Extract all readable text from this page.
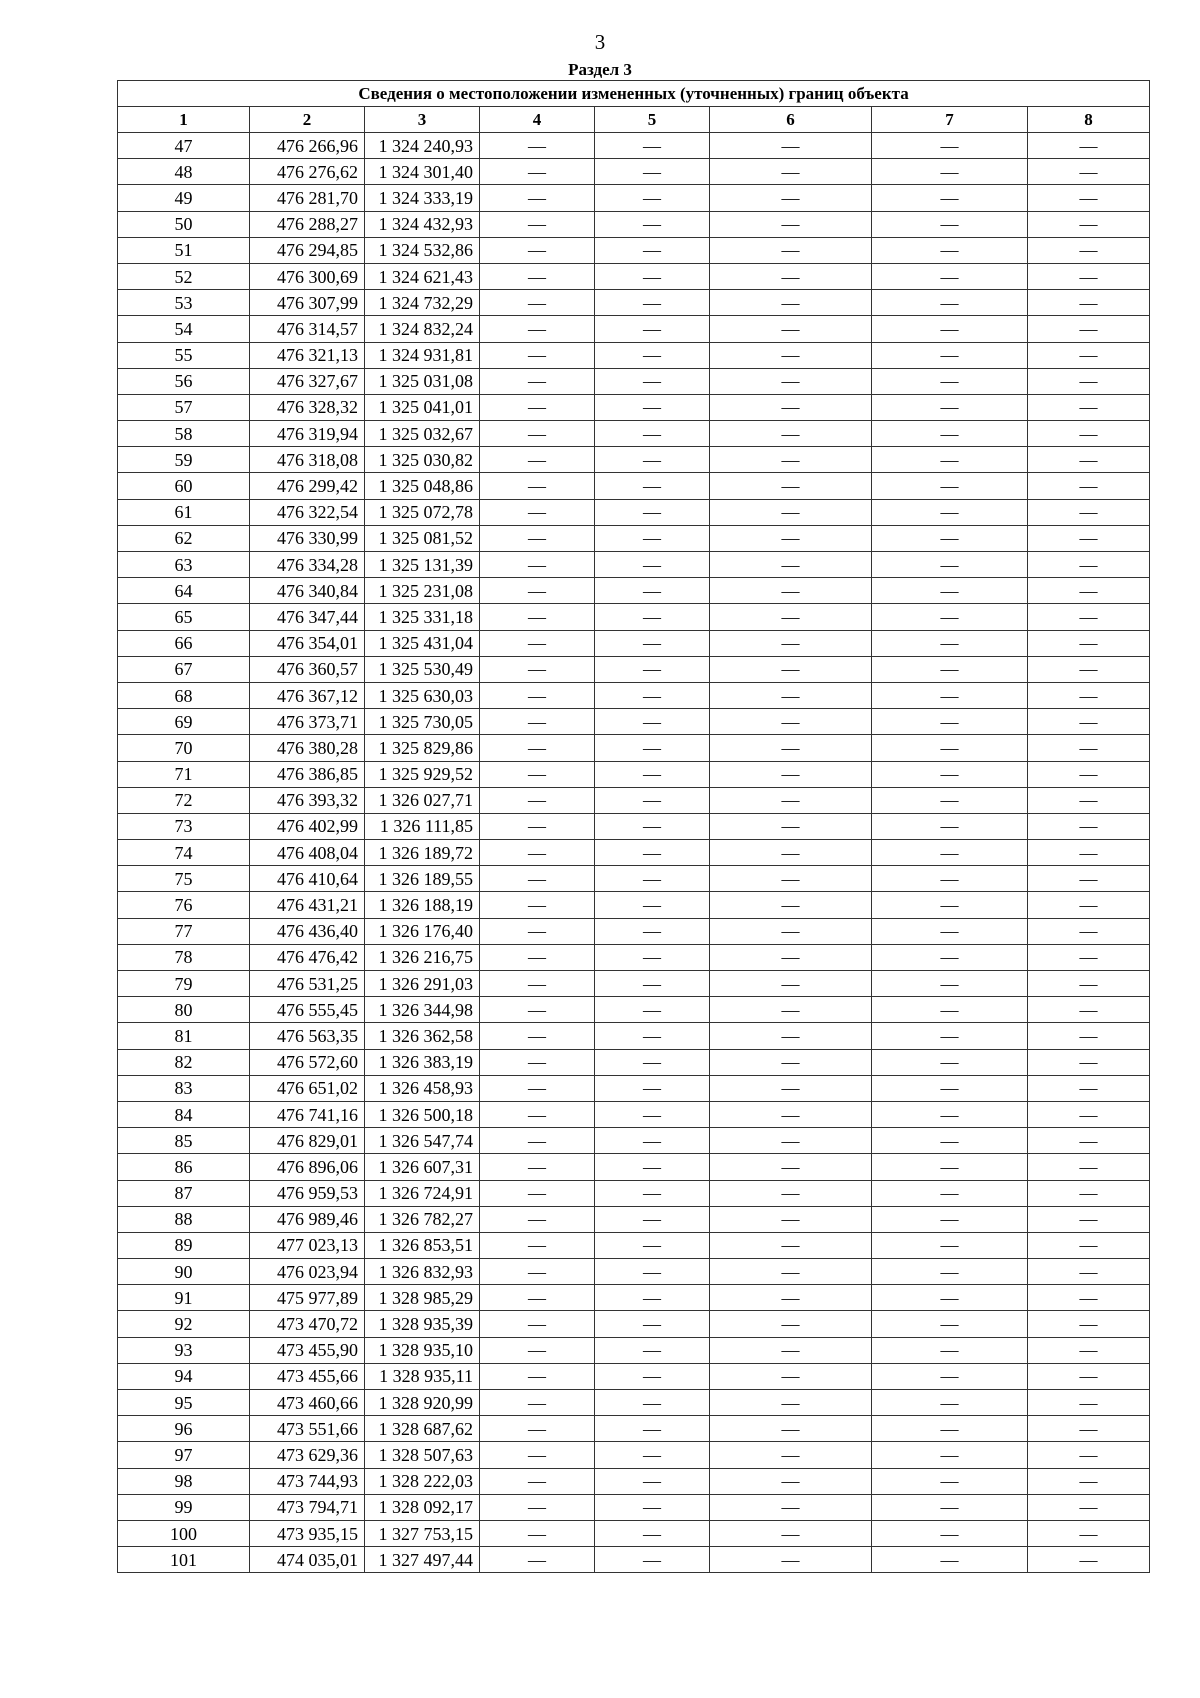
3
Раздел 3
Сведения о местоположении измененных (уточненных) границ объекта							
1	2	3	4	5	6	7	8
47	476 266,96	1 324 240,93	—	—	—	—	—
48	476 276,62	1 324 301,40	—	—	—	—	—
49	476 281,70	1 324 333,19	—	—	—	—	—
50	476 288,27	1 324 432,93	—	—	—	—	—
51	476 294,85	1 324 532,86	—	—	—	—	—
52	476 300,69	1 324 621,43	—	—	—	—	—
53	476 307,99	1 324 732,29	—	—	—	—	—
54	476 314,57	1 324 832,24	—	—	—	—	—
55	476 321,13	1 324 931,81	—	—	—	—	—
56	476 327,67	1 325 031,08	—	—	—	—	—
57	476 328,32	1 325 041,01	—	—	—	—	—
58	476 319,94	1 325 032,67	—	—	—	—	—
59	476 318,08	1 325 030,82	—	—	—	—	—
60	476 299,42	1 325 048,86	—	—	—	—	—
61	476 322,54	1 325 072,78	—	—	—	—	—
62	476 330,99	1 325 081,52	—	—	—	—	—
63	476 334,28	1 325 131,39	—	—	—	—	—
64	476 340,84	1 325 231,08	—	—	—	—	—
65	476 347,44	1 325 331,18	—	—	—	—	—
66	476 354,01	1 325 431,04	—	—	—	—	—
67	476 360,57	1 325 530,49	—	—	—	—	—
68	476 367,12	1 325 630,03	—	—	—	—	—
69	476 373,71	1 325 730,05	—	—	—	—	—
70	476 380,28	1 325 829,86	—	—	—	—	—
71	476 386,85	1 325 929,52	—	—	—	—	—
72	476 393,32	1 326 027,71	—	—	—	—	—
73	476 402,99	1 326 111,85	—	—	—	—	—
74	476 408,04	1 326 189,72	—	—	—	—	—
75	476 410,64	1 326 189,55	—	—	—	—	—
76	476 431,21	1 326 188,19	—	—	—	—	—
77	476 436,40	1 326 176,40	—	—	—	—	—
78	476 476,42	1 326 216,75	—	—	—	—	—
79	476 531,25	1 326 291,03	—	—	—	—	—
80	476 555,45	1 326 344,98	—	—	—	—	—
81	476 563,35	1 326 362,58	—	—	—	—	—
82	476 572,60	1 326 383,19	—	—	—	—	—
83	476 651,02	1 326 458,93	—	—	—	—	—
84	476 741,16	1 326 500,18	—	—	—	—	—
85	476 829,01	1 326 547,74	—	—	—	—	—
86	476 896,06	1 326 607,31	—	—	—	—	—
87	476 959,53	1 326 724,91	—	—	—	—	—
88	476 989,46	1 326 782,27	—	—	—	—	—
89	477 023,13	1 326 853,51	—	—	—	—	—
90	476 023,94	1 326 832,93	—	—	—	—	—
91	475 977,89	1 328 985,29	—	—	—	—	—
92	473 470,72	1 328 935,39	—	—	—	—	—
93	473 455,90	1 328 935,10	—	—	—	—	—
94	473 455,66	1 328 935,11	—	—	—	—	—
95	473 460,66	1 328 920,99	—	—	—	—	—
96	473 551,66	1 328 687,62	—	—	—	—	—
97	473 629,36	1 328 507,63	—	—	—	—	—
98	473 744,93	1 328 222,03	—	—	—	—	—
99	473 794,71	1 328 092,17	—	—	—	—	—
100	473 935,15	1 327 753,15	—	—	—	—	—
101	474 035,01	1 327 497,44	—	—	—	—	—
